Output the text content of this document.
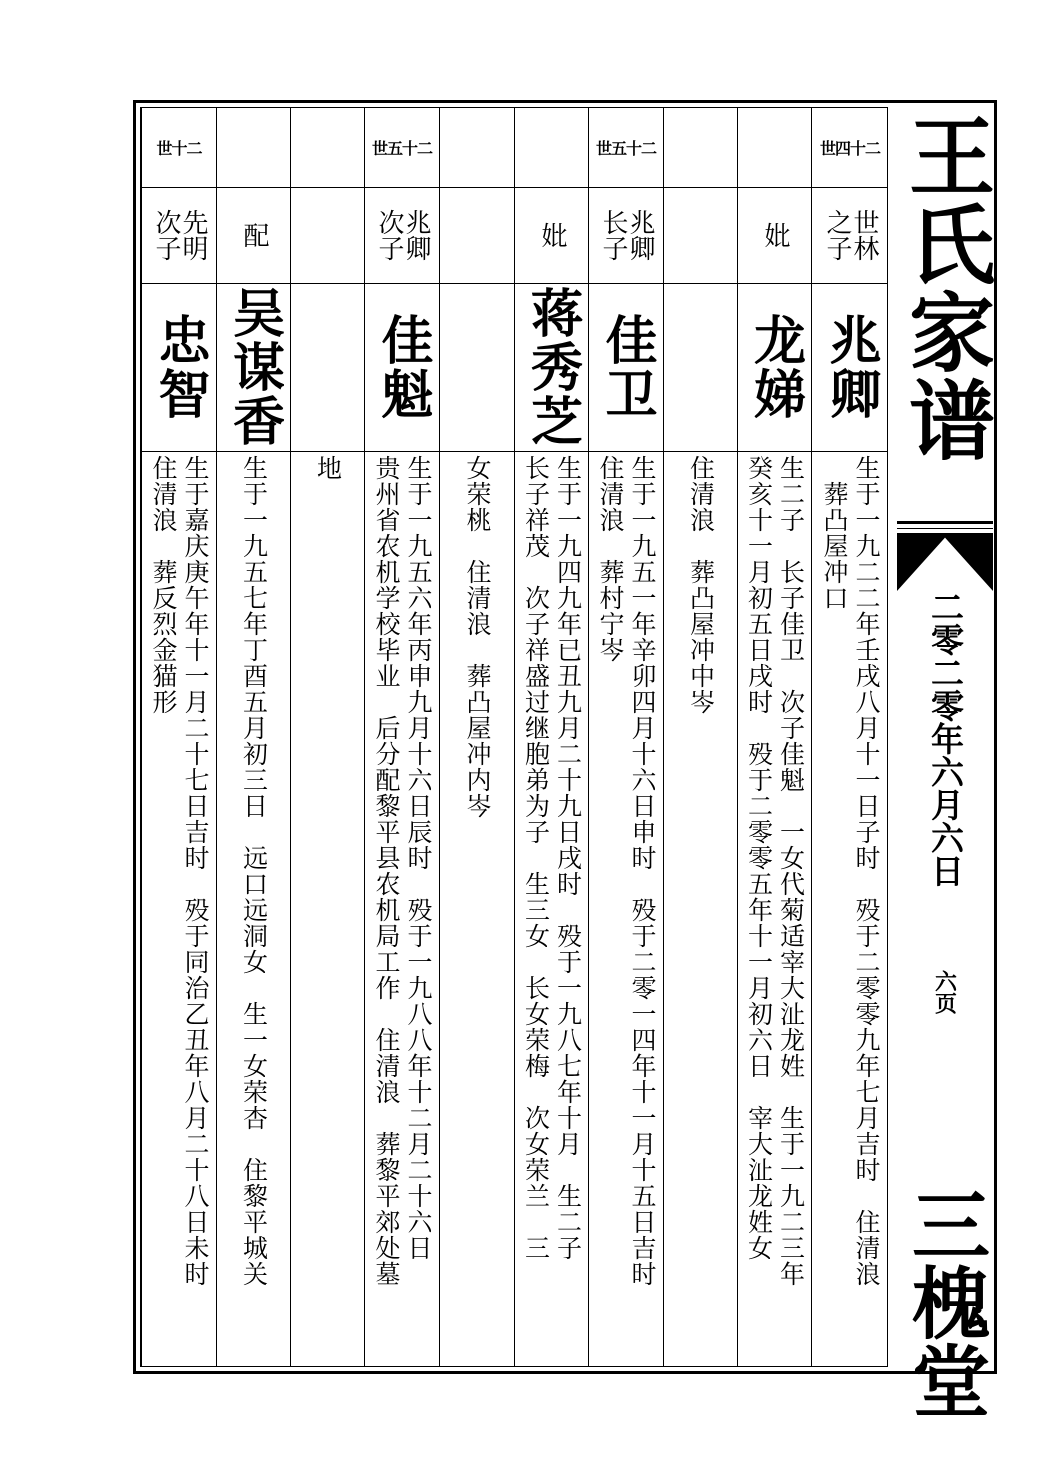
世四十二
世林
之子
兆卿
生于一九二二年壬戌八月十一日子时　殁于二零零九年七月吉时　住清浪
　葬凸屋冲口
妣
龙娣
生二子　长子佳卫　次子佳魁　一女代菊适宰大沚龙姓　生于一九二三年
癸亥十一月初五日戌时　殁于二零零五年十一月初六日　宰大沚龙姓女
住清浪　葬凸屋冲中岑
世五十二
兆卿
长子
佳卫
生于一九五一年辛卯四月十六日申时　殁于二零一四年十一月十五日吉时
住清浪　葬村宁岑
妣
蒋秀芝
生于一九四九年已丑九月二十九日戌时　殁于一九八七年十月　生二子
长子祥茂　次子祥盛过继胞弟为子　生三女　长女荣梅　次女荣兰　三
女荣桃　住清浪　葬凸屋冲内岑
世五十二
兆卿
次子
佳魁
生于一九五六年丙申九月十六日辰时　殁于一九八八年十二月二十六日
贵州省农机学校毕业　后分配黎平县农机局工作　住清浪　葬黎平郊处墓
地
配
吴谋香
生于一九五七年丁酉五月初三日　远口远洞女　生一女荣杏　住黎平城关
世十二
先明
次子
忠智
生于嘉庆庚午年十一月二十七日吉时　殁于同治乙丑年八月二十八日未时
住清浪　葬反烈金猫形
王氏家谱
二零二零年六月六日
六页
三槐堂
